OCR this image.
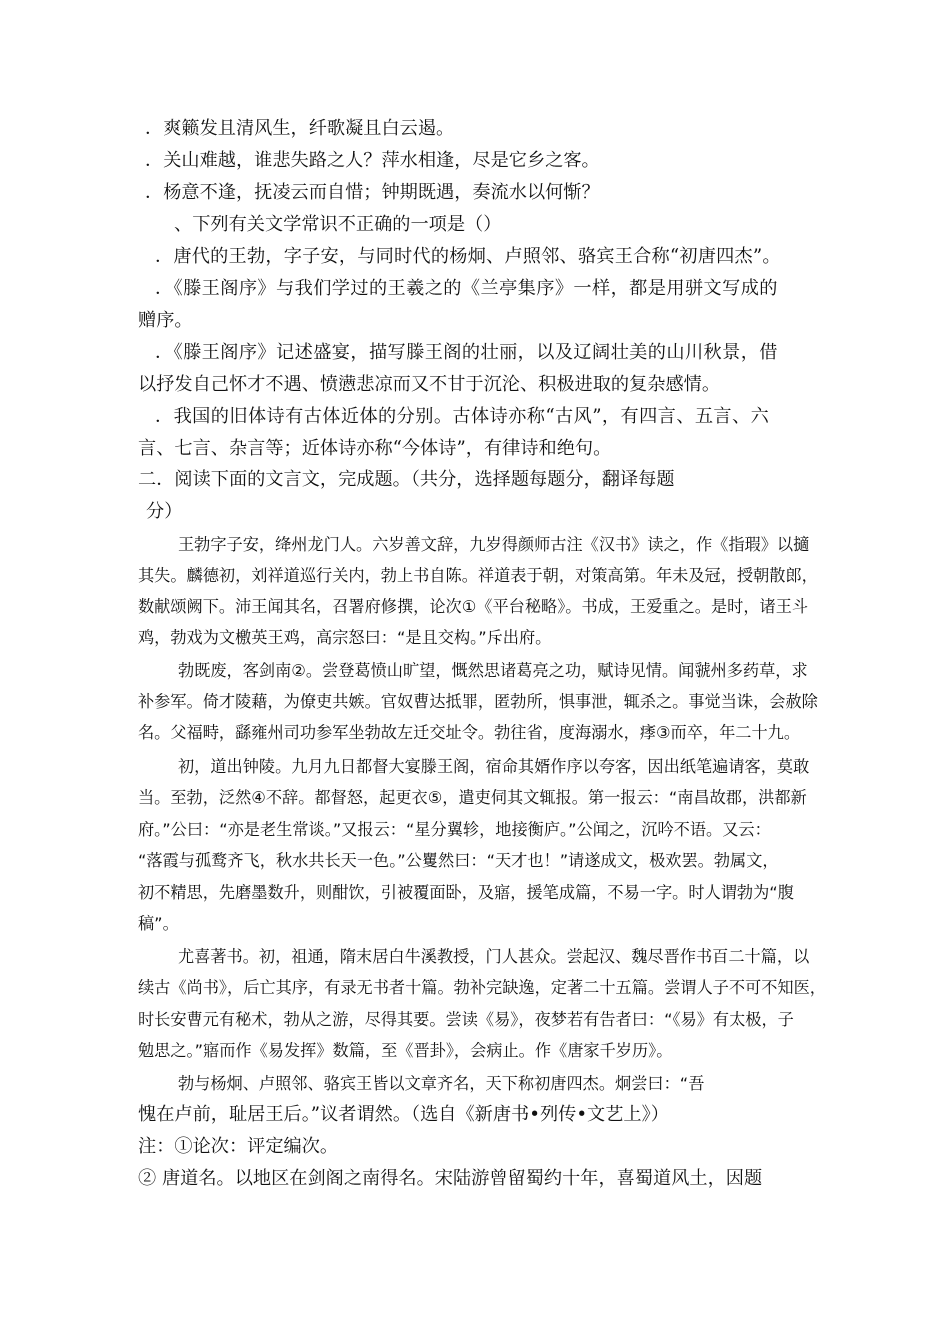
．爽籁发且清风生，纤歌凝且白云遏。
．关山难越，谁悲失路之人？萍水相逢，尽是它乡之客。
．杨意不逢，抚凌云而自惜；钟期既遇，奏流水以何惭？
、下列有关文学常识不正确的一项是（）
．唐代的王勃，字子安，与同时代的杨炯、卢照邻、骆宾王合称“初唐四杰”。
．《滕王阁序》与我们学过的王羲之的《兰亭集序》一样，都是用骈文写成的
赠序。
．《滕王阁序》记述盛宴，描写滕王阁的壮丽，以及辽阔壮美的山川秋景，借
以抒发自己怀才不遇、愤懑悲凉而又不甘于沉沦、积极进取的复杂感情。
．我国的旧体诗有古体近体的分别。古体诗亦称“古风”，有四言、五言、六
言、七言、杂言等；近体诗亦称“今体诗”，有律诗和绝句。
二．阅读下面的文言文，完成题。（共分，选择题每题分，翻译每题
分）
王勃字子安，绛州龙门人。六岁善文辞，九岁得颜师古注《汉书》读之，作《指瑕》以擿
其失。麟德初，刘祥道巡行关内，勃上书自陈。祥道表于朝，对策高第。年未及冠，授朝散郎，
数献颂阙下。沛王闻其名，召署府修撰，论次①《平台秘略》。书成，王爱重之。是时，诸王斗
鸡，勃戏为文檄英王鸡，高宗怒曰：“是且交构。”斥出府。
勃既废，客剑南②。尝登葛愤山旷望，慨然思诸葛亮之功，赋诗见情。闻虢州多药草，求
补参军。倚才陵藉，为僚吏共嫉。官奴曹达抵罪，匿勃所，惧事泄，辄杀之。事觉当诛，会赦除
名。父福畤，繇雍州司功参军坐勃故左迁交址令。勃往省，度海溺水，痵③而卒，年二十九。
初，道出钟陵。九月九日都督大宴滕王阁，宿命其婿作序以夸客，因出纸笔遍请客，莫敢
当。至勃，泛然④不辞。都督怒，起更衣⑤，遣吏伺其文辄报。第一报云：“南昌故郡，洪都新
府。”公曰：“亦是老生常谈。”又报云：“星分翼轸，地接衡庐。”公闻之，沉吟不语。又云：
“落霞与孤鹜齐飞，秋水共长天一色。”公矍然曰：“天才也！”请遂成文，极欢罢。勃属文，
初不精思，先磨墨数升，则酣饮，引被覆面卧，及寤，援笔成篇，不易一字。时人谓勃为“腹
稿”。
尤喜著书。初，祖通，隋末居白牛溪教授，门人甚众。尝起汉、魏尽晋作书百二十篇，以
续古《尚书》，后亡其序，有录无书者十篇。勃补完缺逸，定著二十五篇。尝谓人子不可不知医，
时长安曹元有秘术，勃从之游，尽得其要。尝读《易》，夜梦若有告者曰：“《易》有太极，子
勉思之。”寤而作《易发挥》数篇，至《晋卦》，会病止。作《唐家千岁历》。
勃与杨炯、卢照邻、骆宾王皆以文章齐名，天下称初唐四杰。炯尝曰：“吾
愧在卢前，耻居王后。”议者谓然。（选自《新唐书•列传•文艺上》）
注：①论次：评定编次。
② 唐道名。以地区在剑阁之南得名。宋陆游曾留蜀约十年，喜蜀道风土，因题
